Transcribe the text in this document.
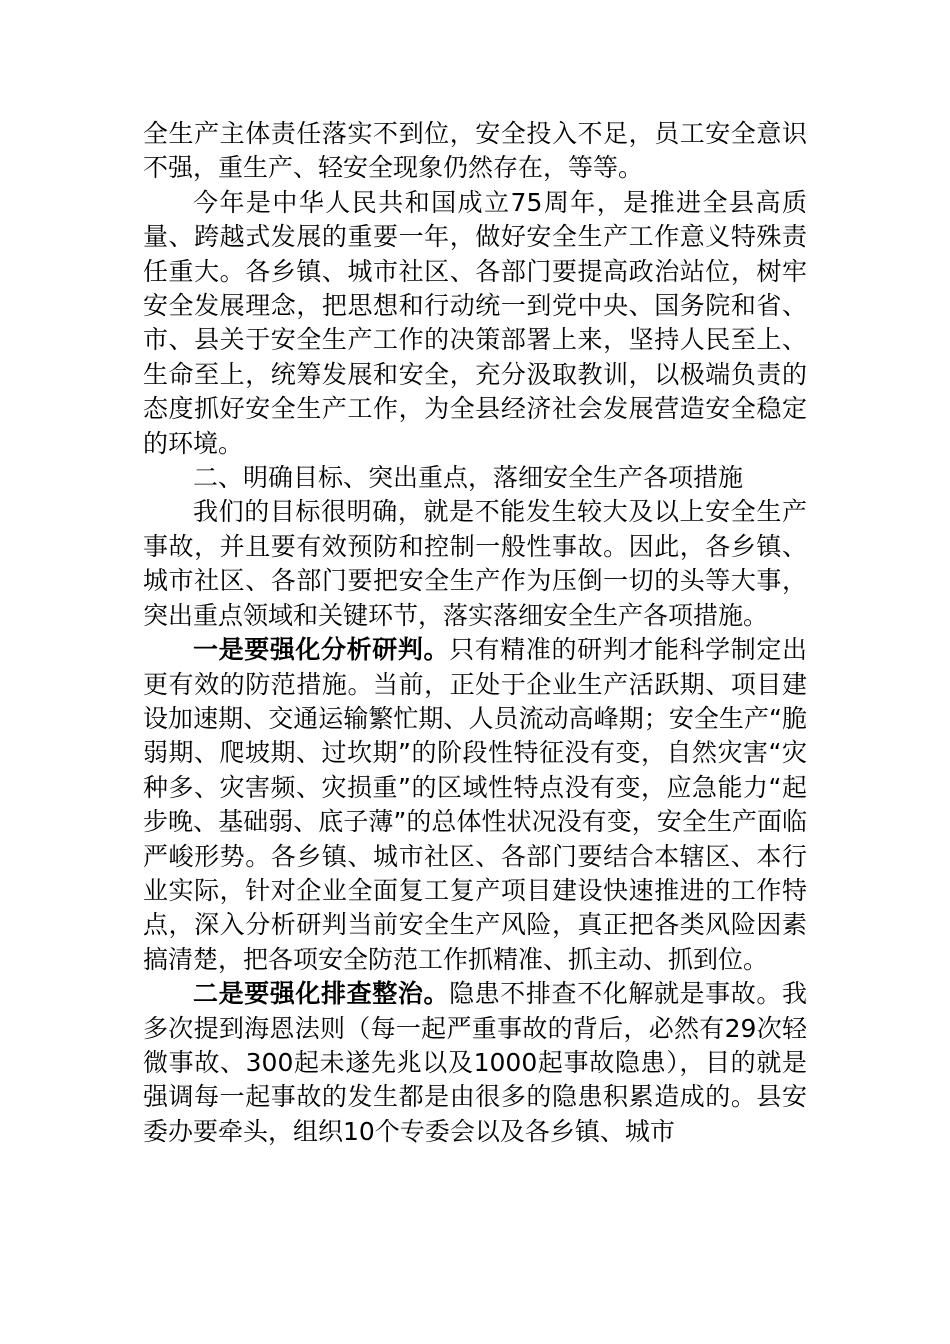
全生产主体责任落实不到位，安全投入不足，员工安全意识不强，重生产、轻安全现象仍然存在，等等。

今年是中华人民共和国成立75周年，是推进全县高质量、跨越式发展的重要一年，做好安全生产工作意义特殊责任重大。各乡镇、城市社区、各部门要提高政治站位，树牢安全发展理念，把思想和行动统一到党中央、国务院和省、市、县关于安全生产工作的决策部署上来，坚持人民至上、生命至上，统筹发展和安全，充分汲取教训，以极端负责的态度抓好安全生产工作，为全县经济社会发展营造安全稳定的环境。

二、明确目标、突出重点，落细安全生产各项措施

我们的目标很明确，就是不能发生较大及以上安全生产事故，并且要有效预防和控制一般性事故。因此，各乡镇、城市社区、各部门要把安全生产作为压倒一切的头等大事，突出重点领域和关键环节，落实落细安全生产各项措施。

一是要强化分析研判。只有精准的研判才能科学制定出更有效的防范措施。当前，正处于企业生产活跃期、项目建设加速期、交通运输繁忙期、人员流动高峰期；安全生产“脆弱期、爬坡期、过坎期”的阶段性特征没有变，自然灾害“灾种多、灾害频、灾损重”的区域性特点没有变，应急能力“起步晚、基础弱、底子薄”的总体性状况没有变，安全生产面临严峻形势。各乡镇、城市社区、各部门要结合本辖区、本行业实际，针对企业全面复工复产项目建设快速推进的工作特点，深入分析研判当前安全生产风险，真正把各类风险因素搞清楚，把各项安全防范工作抓精准、抓主动、抓到位。

二是要强化排查整治。隐患不排查不化解就是事故。我多次提到海恩法则（每一起严重事故的背后，必然有29次轻微事故、300起未遂先兆以及1000起事故隐患），目的就是强调每一起事故的发生都是由很多的隐患积累造成的。县安委办要牵头，组织10个专委会以及各乡镇、城市
